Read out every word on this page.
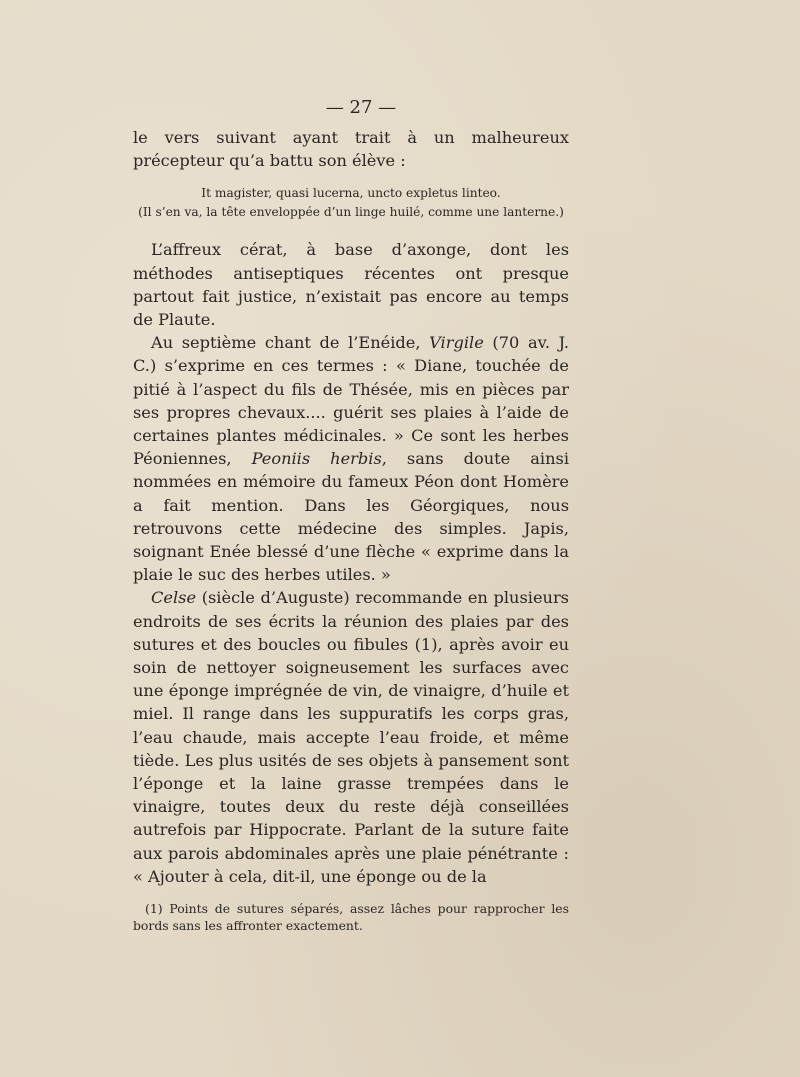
— 27 —

le vers suivant ayant trait à un malheureux précepteur qu’a battu son élève :

It magister, quasi lucerna, uncto expletus linteo.
(Il s’en va, la tête enveloppée d’un linge huilé, comme une lanterne.)

L’affreux cérat, à base d’axonge, dont les méthodes antiseptiques récentes ont presque partout fait justice, n’existait pas encore au temps de Plaute.

Au septième chant de l’Enéide, Virgile (70 av. J. C.) s’exprime en ces termes : « Diane, touchée de pitié à l’aspect du fils de Thésée, mis en pièces par ses propres chevaux.... guérit ses plaies à l’aide de certaines plantes médicinales. » Ce sont les herbes Péoniennes, Peoniis herbis, sans doute ainsi nommées en mémoire du fameux Péon dont Homère a fait mention. Dans les Géorgiques, nous retrouvons cette médecine des simples. Japis, soignant Enée blessé d’une flèche « exprime dans la plaie le suc des herbes utiles. »

Celse (siècle d’Auguste) recommande en plusieurs endroits de ses écrits la réunion des plaies par des sutures et des boucles ou fibules (1), après avoir eu soin de nettoyer soigneusement les surfaces avec une éponge imprégnée de vin, de vinaigre, d’huile et miel. Il range dans les suppuratifs les corps gras, l’eau chaude, mais accepte l’eau froide, et même tiède. Les plus usités de ses objets à pansement sont l’éponge et la laine grasse trempées dans le vinaigre, toutes deux du reste déjà conseillées autrefois par Hippocrate. Parlant de la suture faite aux parois abdominales après une plaie pénétrante : « Ajouter à cela, dit-il, une éponge ou de la

(1) Points de sutures séparés, assez lâches pour rapprocher les bords sans les affronter exactement.
